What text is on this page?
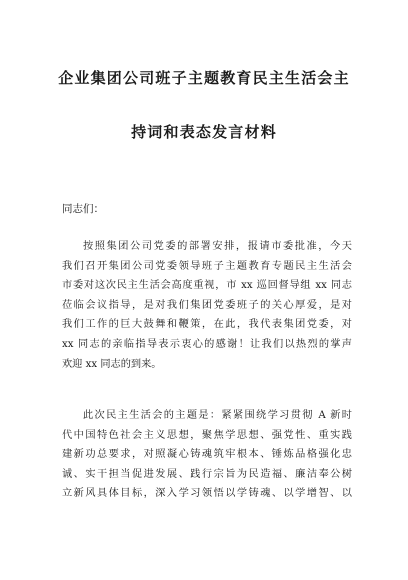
企业集团公司班子主题教育民主生活会主
持词和表态发言材料
同志们：
按照集团公司党委的部署安排，报请市委批准，今天
我们召开集团公司党委领导班子主题教育专题民主生活会
市委对这次民主生活会高度重视，市 xx 巡回督导组 xx 同志
莅临会议指导，是对我们集团党委班子的关心厚爱，是对
我们工作的巨大鼓舞和鞭策，在此，我代表集团党委，对
xx 同志的亲临指导表示衷心的感谢！让我们以热烈的掌声
欢迎 xx 同志的到来。
此次民主生活会的主题是：紧紧围绕学习贯彻 A 新时
代中国特色社会主义思想，聚焦学思想、强党性、重实践
建新功总要求，对照凝心铸魂筑牢根本、锤炼品格强化忠
诚、实干担当促进发展、践行宗旨为民造福、廉洁奉公树
立新风具体目标，深入学习领悟以学铸魂、以学增智、以
